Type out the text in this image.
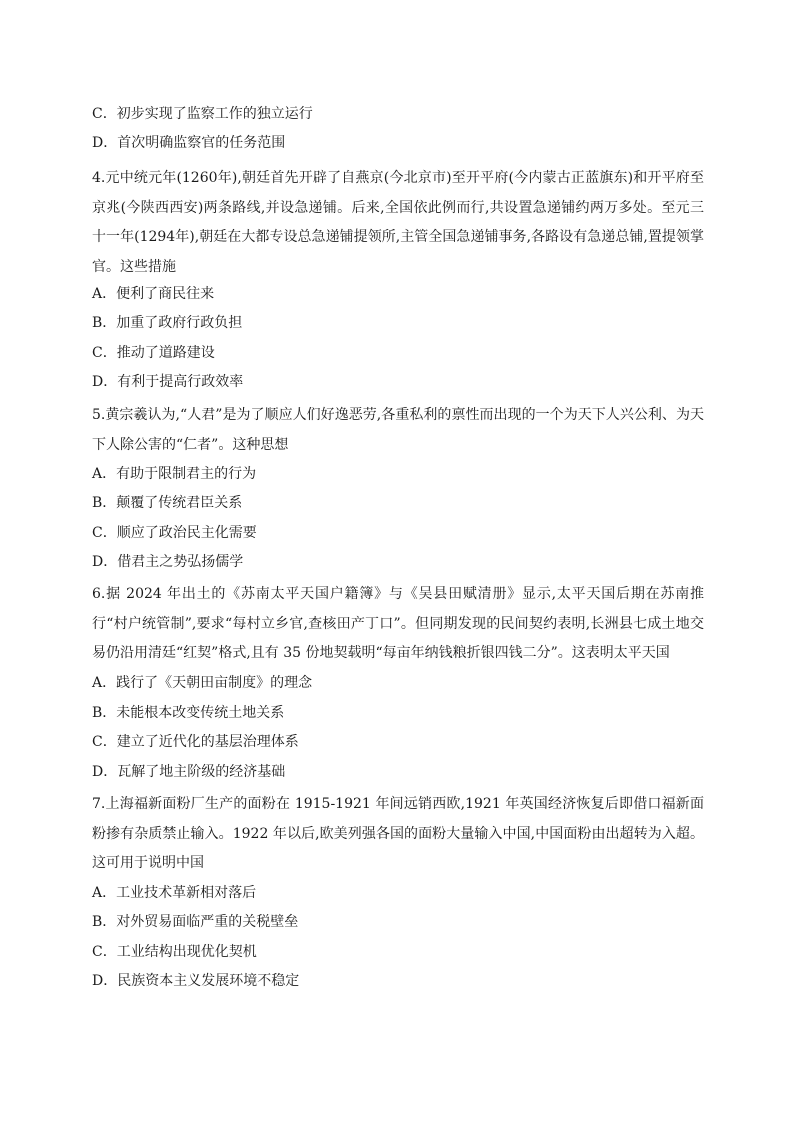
C．初步实现了监察工作的独立运行
D．首次明确监察官的任务范围
4.元中统元年(1260年),朝廷首先开辟了自燕京(今北京市)至开平府(今内蒙古正蓝旗东)和开平府至京兆(今陕西西安)两条路线,并设急递铺。后来,全国依此例而行,共设置急递铺约两万多处。至元三十一年(1294年),朝廷在大都专设总急递铺提领所,主管全国急递铺事务,各路设有急递总铺,置提领掌官。这些措施
A．便利了商民往来
B．加重了政府行政负担
C．推动了道路建设
D．有利于提高行政效率
5.黄宗羲认为,“人君”是为了顺应人们好逸恶劳,各重私利的禀性而出现的一个为天下人兴公利、为天下人除公害的“仁者”。这种思想
A．有助于限制君主的行为
B．颠覆了传统君臣关系
C．顺应了政治民主化需要
D．借君主之势弘扬儒学
6.据 2024 年出土的《苏南太平天国户籍簿》与《吴县田赋清册》显示,太平天国后期在苏南推行“村户统管制”,要求“每村立乡官,查核田产丁口”。但同期发现的民间契约表明,长洲县七成土地交易仍沿用清廷“红契”格式,且有 35 份地契载明“每亩年纳钱粮折银四钱二分”。这表明太平天国
A．践行了《天朝田亩制度》的理念
B．未能根本改变传统土地关系
C．建立了近代化的基层治理体系
D．瓦解了地主阶级的经济基础
7.上海福新面粉厂生产的面粉在 1915-1921 年间远销西欧,1921 年英国经济恢复后即借口福新面粉掺有杂质禁止输入。1922 年以后,欧美列强各国的面粉大量输入中国,中国面粉由出超转为入超。这可用于说明中国
A．工业技术革新相对落后
B．对外贸易面临严重的关税壁垒
C．工业结构出现优化契机
D．民族资本主义发展环境不稳定
